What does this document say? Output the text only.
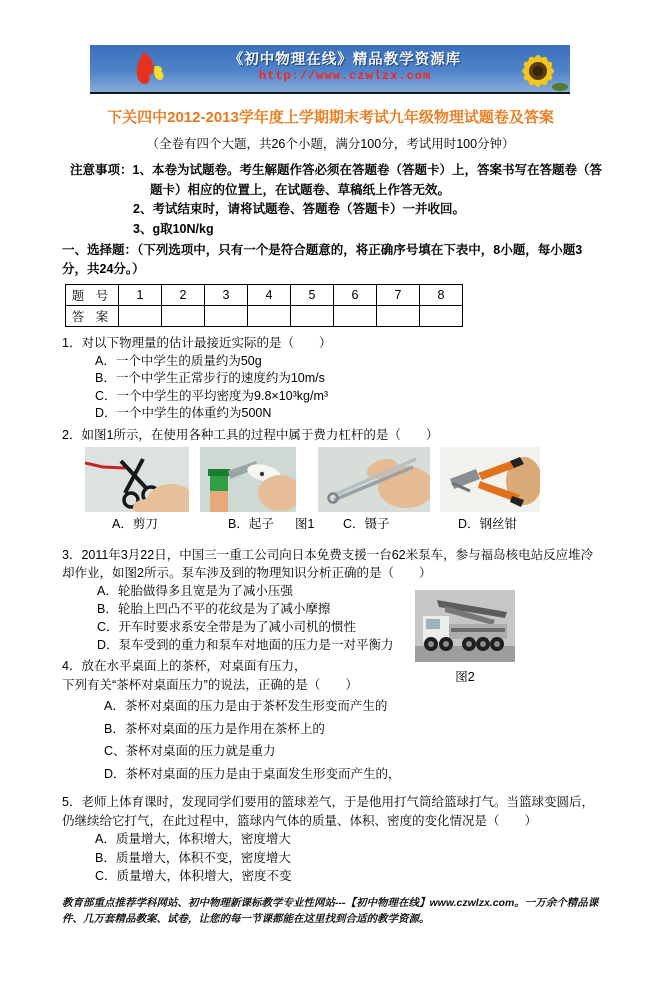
《初中物理在线》精品教学资源库
http://www.czwlzx.com
下关四中2012-2013学年度上学期期末考试九年级物理试题卷及答案
（全卷有四个大题，共26个小题，满分100分，考试用时100分钟）
注意事项：1、本卷为试题卷。考生解题作答必须在答题卷（答题卡）上，答案书写在答题卷（答题卡）相应的位置上，在试题卷、草稿纸上作答无效。
2、考试结束时，请将试题卷、答题卷（答题卡）一并收回。
3、g取10N/kg
一、选择题：（下列选项中，只有一个是符合题意的，将正确序号填在下表中，8小题，每小题3分，共24分。）
题 号	1	2	3	4	5	6	7	8
答 案								
1．对以下物理量的估计最接近实际的是（　　）
A．一个中学生的质量约为50g
B．一个中学生正常步行的速度约为10m/s
C．一个中学生的平均密度为9.8×10³kg/m³
D．一个中学生的体重约为500N
2．如图1所示，在使用各种工具的过程中属于费力杠杆的是（　　）
A．剪刀	B．起子 图1 C．镊子	D．钢丝钳
图2
3．2011年3月22日，中国三一重工公司向日本免费支援一台62米泵车，参与福岛核电站反应堆冷却作业，如图2所示。泵车涉及到的物理知识分析正确的是（　　）
A．轮胎做得多且宽是为了减小压强
B．轮胎上凹凸不平的花纹是为了减小摩擦
C．开车时要求系安全带是为了减小司机的惯性
D．泵车受到的重力和泵车对地面的压力是一对平衡力
4．放在水平桌面上的茶杯，对桌面有压力，
下列有关“茶杯对桌面压力”的说法，正确的是（　　）
A．茶杯对桌面的压力是由于茶杯发生形变而产生的
B．茶杯对桌面的压力是作用在茶杯上的
C、茶杯对桌面的压力就是重力
D．茶杯对桌面的压力是由于桌面发生形变而产生的，
5．老师上体育课时，发现同学们要用的篮球差气，于是他用打气筒给篮球打气。当篮球变圆后，仍继续给它打气，在此过程中，篮球内气体的质量、体积、密度的变化情况是（　　）
A．质量增大，体积增大，密度增大
B．质量增大，体积不变，密度增大
C．质量增大，体积增大，密度不变
教育部重点推荐学科网站、初中物理新课标教学专业性网站---【初中物理在线】www.czwlzx.com。一万余个精品课件、几万套精品教案、试卷，让您的每一节课都能在这里找到合适的教学资源。
